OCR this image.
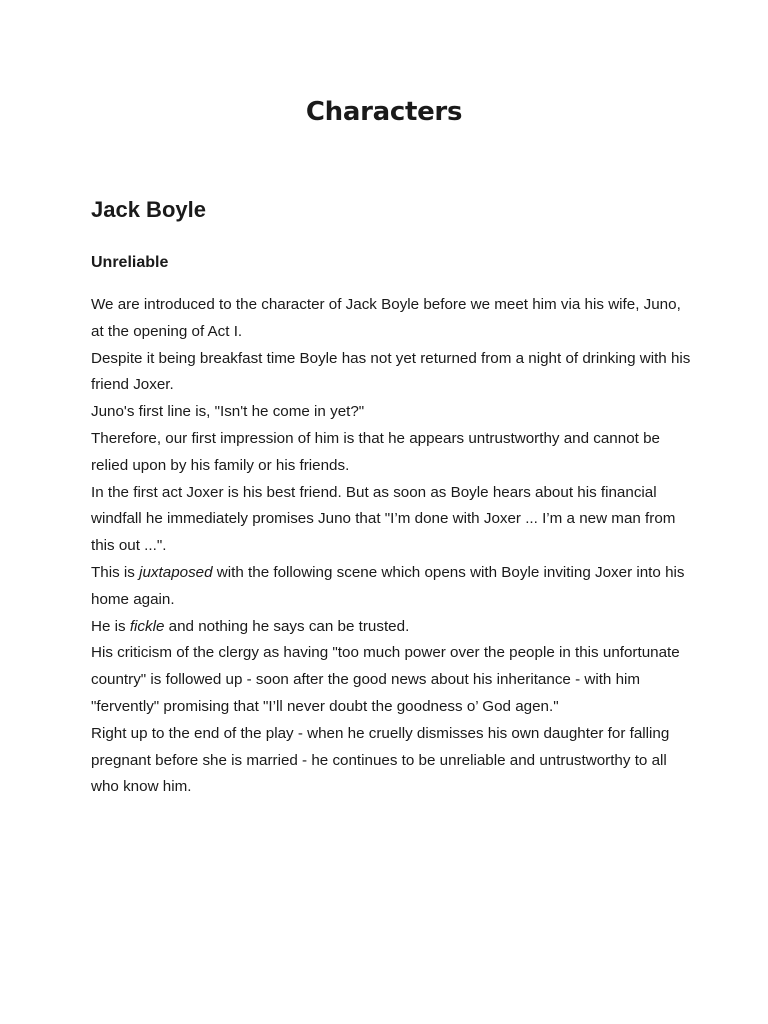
Characters
Jack Boyle
Unreliable

We are introduced to the character of Jack Boyle before we meet him via his wife, Juno, at the opening of Act I.

Despite it being breakfast time Boyle has not yet returned from a night of drinking with his friend Joxer.

Juno's first line is, "Isn't he come in yet?"

Therefore, our first impression of him is that he appears untrustworthy and cannot be relied upon by his family or his friends.

In the first act Joxer is his best friend. But as soon as Boyle hears about his financial windfall he immediately promises Juno that "I’m done with Joxer ... I’m a new man from this out ...".

This is juxtaposed with the following scene which opens with Boyle inviting Joxer into his home again.

He is fickle and nothing he says can be trusted.

His criticism of the clergy as having "too much power over the people in this unfortunate country" is followed up - soon after the good news about his inheritance - with him "fervently" promising that "I’ll never doubt the goodness o’ God agen."

Right up to the end of the play - when he cruelly dismisses his own daughter for falling pregnant before she is married - he continues to be unreliable and untrustworthy to all who know him.
